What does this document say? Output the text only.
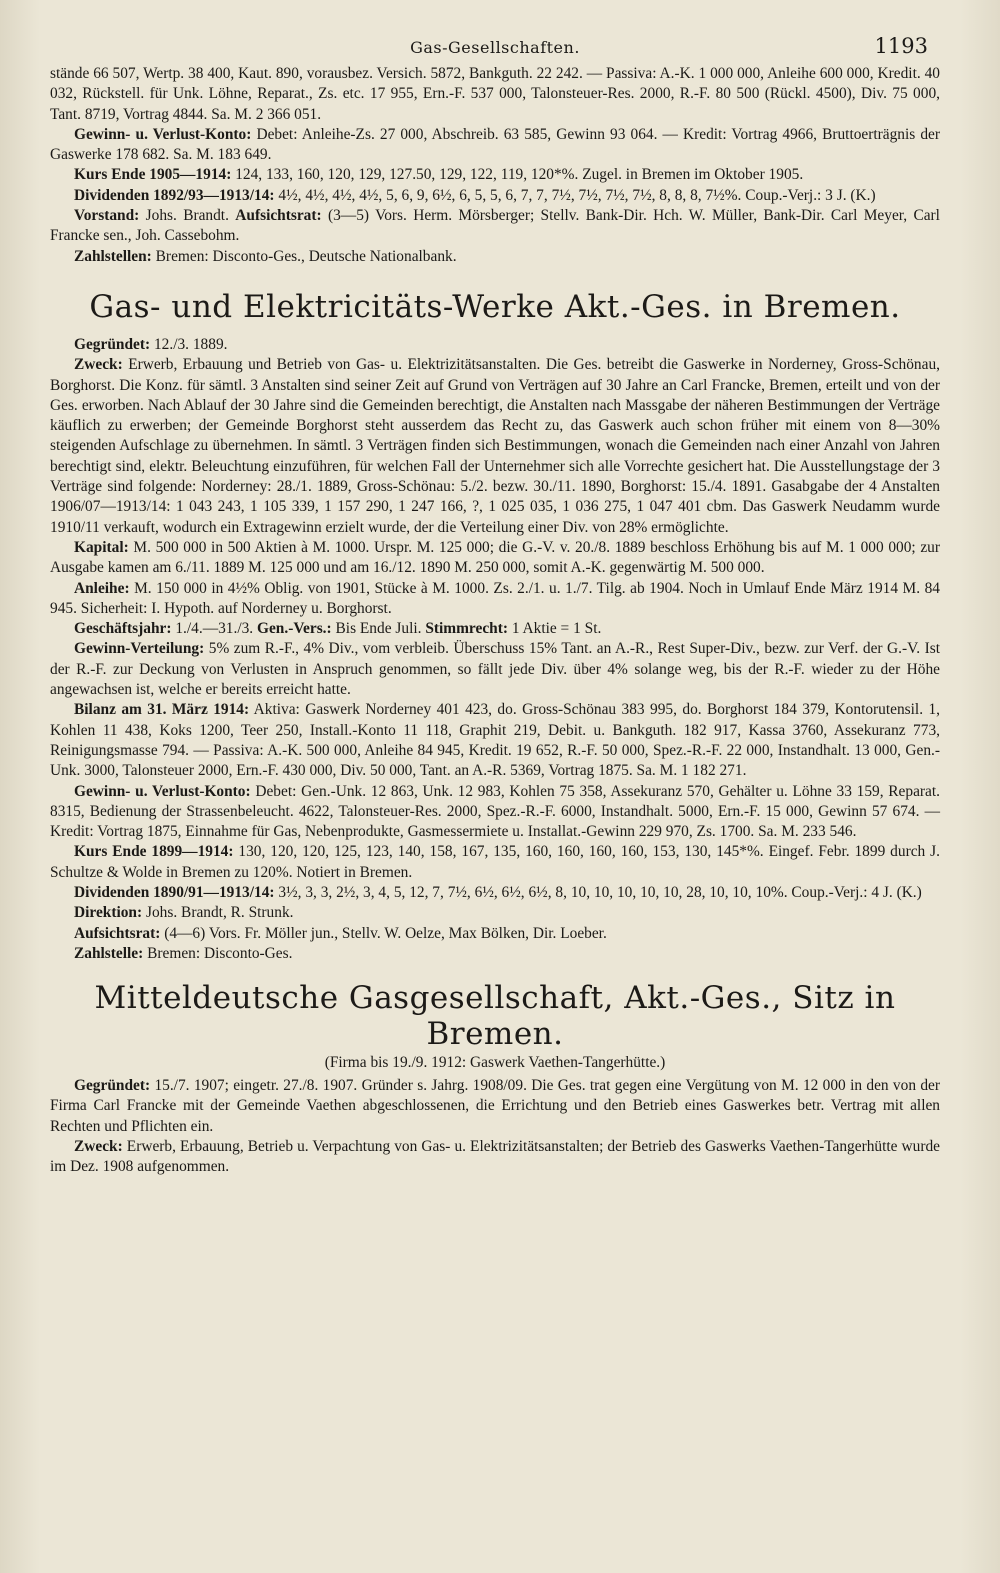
Gas-Gesellschaften.	1193

stände 66 507, Wertp. 38 400, Kaut. 890, vorausbez. Versich. 5872, Bankguth. 22 242. — Passiva: A.-K. 1 000 000, Anleihe 600 000, Kredit. 40 032, Rückstell. für Unk. Löhne, Reparat., Zs. etc. 17 955, Ern.-F. 537 000, Talonsteuer-Res. 2000, R.-F. 80 500 (Rückl. 4500), Div. 75 000, Tant. 8719, Vortrag 4844. Sa. M. 2 366 051.

Gewinn- u. Verlust-Konto: Debet: Anleihe-Zs. 27 000, Abschreib. 63 585, Gewinn 93 064. — Kredit: Vortrag 4966, Bruttoerträgnis der Gaswerke 178 682. Sa. M. 183 649.

Kurs Ende 1905—1914: 124, 133, 160, 120, 129, 127.50, 129, 122, 119, 120*%. Zugel. in Bremen im Oktober 1905.

Dividenden 1892/93—1913/14: 4½, 4½, 4½, 4½, 5, 6, 9, 6½, 6, 5, 5, 6, 7, 7, 7½, 7½, 7½, 7½, 8, 8, 8, 7½%. Coup.-Verj.: 3 J. (K.)

Vorstand: Johs. Brandt. Aufsichtsrat: (3—5) Vors. Herm. Mörsberger; Stellv. Bank-Dir. Hch. W. Müller, Bank-Dir. Carl Meyer, Carl Francke sen., Joh. Cassebohm.

Zahlstellen: Bremen: Disconto-Ges., Deutsche Nationalbank.

Gas- und Elektricitäts-Werke Akt.-Ges. in Bremen.

Gegründet: 12./3. 1889.

Zweck: Erwerb, Erbauung und Betrieb von Gas- u. Elektrizitätsanstalten. Die Ges. betreibt die Gaswerke in Norderney, Gross-Schönau, Borghorst. Die Konz. für sämtl. 3 Anstalten sind seiner Zeit auf Grund von Verträgen auf 30 Jahre an Carl Francke, Bremen, erteilt und von der Ges. erworben. Nach Ablauf der 30 Jahre sind die Gemeinden berechtigt, die Anstalten nach Massgabe der näheren Bestimmungen der Verträge käuflich zu erwerben; der Gemeinde Borghorst steht ausserdem das Recht zu, das Gaswerk auch schon früher mit einem von 8—30% steigenden Aufschlage zu übernehmen. In sämtl. 3 Verträgen finden sich Bestimmungen, wonach die Gemeinden nach einer Anzahl von Jahren berechtigt sind, elektr. Beleuchtung einzuführen, für welchen Fall der Unternehmer sich alle Vorrechte gesichert hat. Die Ausstellungstage der 3 Verträge sind folgende: Norderney: 28./1. 1889, Gross-Schönau: 5./2. bezw. 30./11. 1890, Borghorst: 15./4. 1891. Gasabgabe der 4 Anstalten 1906/07—1913/14: 1 043 243, 1 105 339, 1 157 290, 1 247 166, ?, 1 025 035, 1 036 275, 1 047 401 cbm. Das Gaswerk Neudamm wurde 1910/11 verkauft, wodurch ein Extragewinn erzielt wurde, der die Verteilung einer Div. von 28% ermöglichte.

Kapital: M. 500 000 in 500 Aktien à M. 1000. Urspr. M. 125 000; die G.-V. v. 20./8. 1889 beschloss Erhöhung bis auf M. 1 000 000; zur Ausgabe kamen am 6./11. 1889 M. 125 000 und am 16./12. 1890 M. 250 000, somit A.-K. gegenwärtig M. 500 000.

Anleihe: M. 150 000 in 4½% Oblig. von 1901, Stücke à M. 1000. Zs. 2./1. u. 1./7. Tilg. ab 1904. Noch in Umlauf Ende März 1914 M. 84 945. Sicherheit: I. Hypoth. auf Norderney u. Borghorst.

Geschäftsjahr: 1./4.—31./3. Gen.-Vers.: Bis Ende Juli. Stimmrecht: 1 Aktie = 1 St.

Gewinn-Verteilung: 5% zum R.-F., 4% Div., vom verbleib. Überschuss 15% Tant. an A.-R., Rest Super-Div., bezw. zur Verf. der G.-V. Ist der R.-F. zur Deckung von Verlusten in Anspruch genommen, so fällt jede Div. über 4% solange weg, bis der R.-F. wieder zu der Höhe angewachsen ist, welche er bereits erreicht hatte.

Bilanz am 31. März 1914: Aktiva: Gaswerk Norderney 401 423, do. Gross-Schönau 383 995, do. Borghorst 184 379, Kontorutensil. 1, Kohlen 11 438, Koks 1200, Teer 250, Install.-Konto 11 118, Graphit 219, Debit. u. Bankguth. 182 917, Kassa 3760, Assekuranz 773, Reinigungsmasse 794. — Passiva: A.-K. 500 000, Anleihe 84 945, Kredit. 19 652, R.-F. 50 000, Spez.-R.-F. 22 000, Instandhalt. 13 000, Gen.-Unk. 3000, Talonsteuer 2000, Ern.-F. 430 000, Div. 50 000, Tant. an A.-R. 5369, Vortrag 1875. Sa. M. 1 182 271.

Gewinn- u. Verlust-Konto: Debet: Gen.-Unk. 12 863, Unk. 12 983, Kohlen 75 358, Assekuranz 570, Gehälter u. Löhne 33 159, Reparat. 8315, Bedienung der Strassenbeleucht. 4622, Talonsteuer-Res. 2000, Spez.-R.-F. 6000, Instandhalt. 5000, Ern.-F. 15 000, Gewinn 57 674. — Kredit: Vortrag 1875, Einnahme für Gas, Nebenprodukte, Gasmessermiete u. Installat.-Gewinn 229 970, Zs. 1700. Sa. M. 233 546.

Kurs Ende 1899—1914: 130, 120, 120, 125, 123, 140, 158, 167, 135, 160, 160, 160, 160, 153, 130, 145*%. Eingef. Febr. 1899 durch J. Schultze & Wolde in Bremen zu 120%. Notiert in Bremen.

Dividenden 1890/91—1913/14: 3½, 3, 3, 2½, 3, 4, 5, 12, 7, 7½, 6½, 6½, 6½, 8, 10, 10, 10, 10, 10, 28, 10, 10, 10%. Coup.-Verj.: 4 J. (K.)

Direktion: Johs. Brandt, R. Strunk.

Aufsichtsrat: (4—6) Vors. Fr. Möller jun., Stellv. W. Oelze, Max Bölken, Dir. Loeber.

Zahlstelle: Bremen: Disconto-Ges.

Mitteldeutsche Gasgesellschaft, Akt.-Ges., Sitz in Bremen.
(Firma bis 19./9. 1912: Gaswerk Vaethen-Tangerhütte.)

Gegründet: 15./7. 1907; eingetr. 27./8. 1907. Gründer s. Jahrg. 1908/09. Die Ges. trat gegen eine Vergütung von M. 12 000 in den von der Firma Carl Francke mit der Gemeinde Vaethen abgeschlossenen, die Errichtung und den Betrieb eines Gaswerkes betr. Vertrag mit allen Rechten und Pflichten ein.

Zweck: Erwerb, Erbauung, Betrieb u. Verpachtung von Gas- u. Elektrizitätsanstalten; der Betrieb des Gaswerks Vaethen-Tangerhütte wurde im Dez. 1908 aufgenommen.
